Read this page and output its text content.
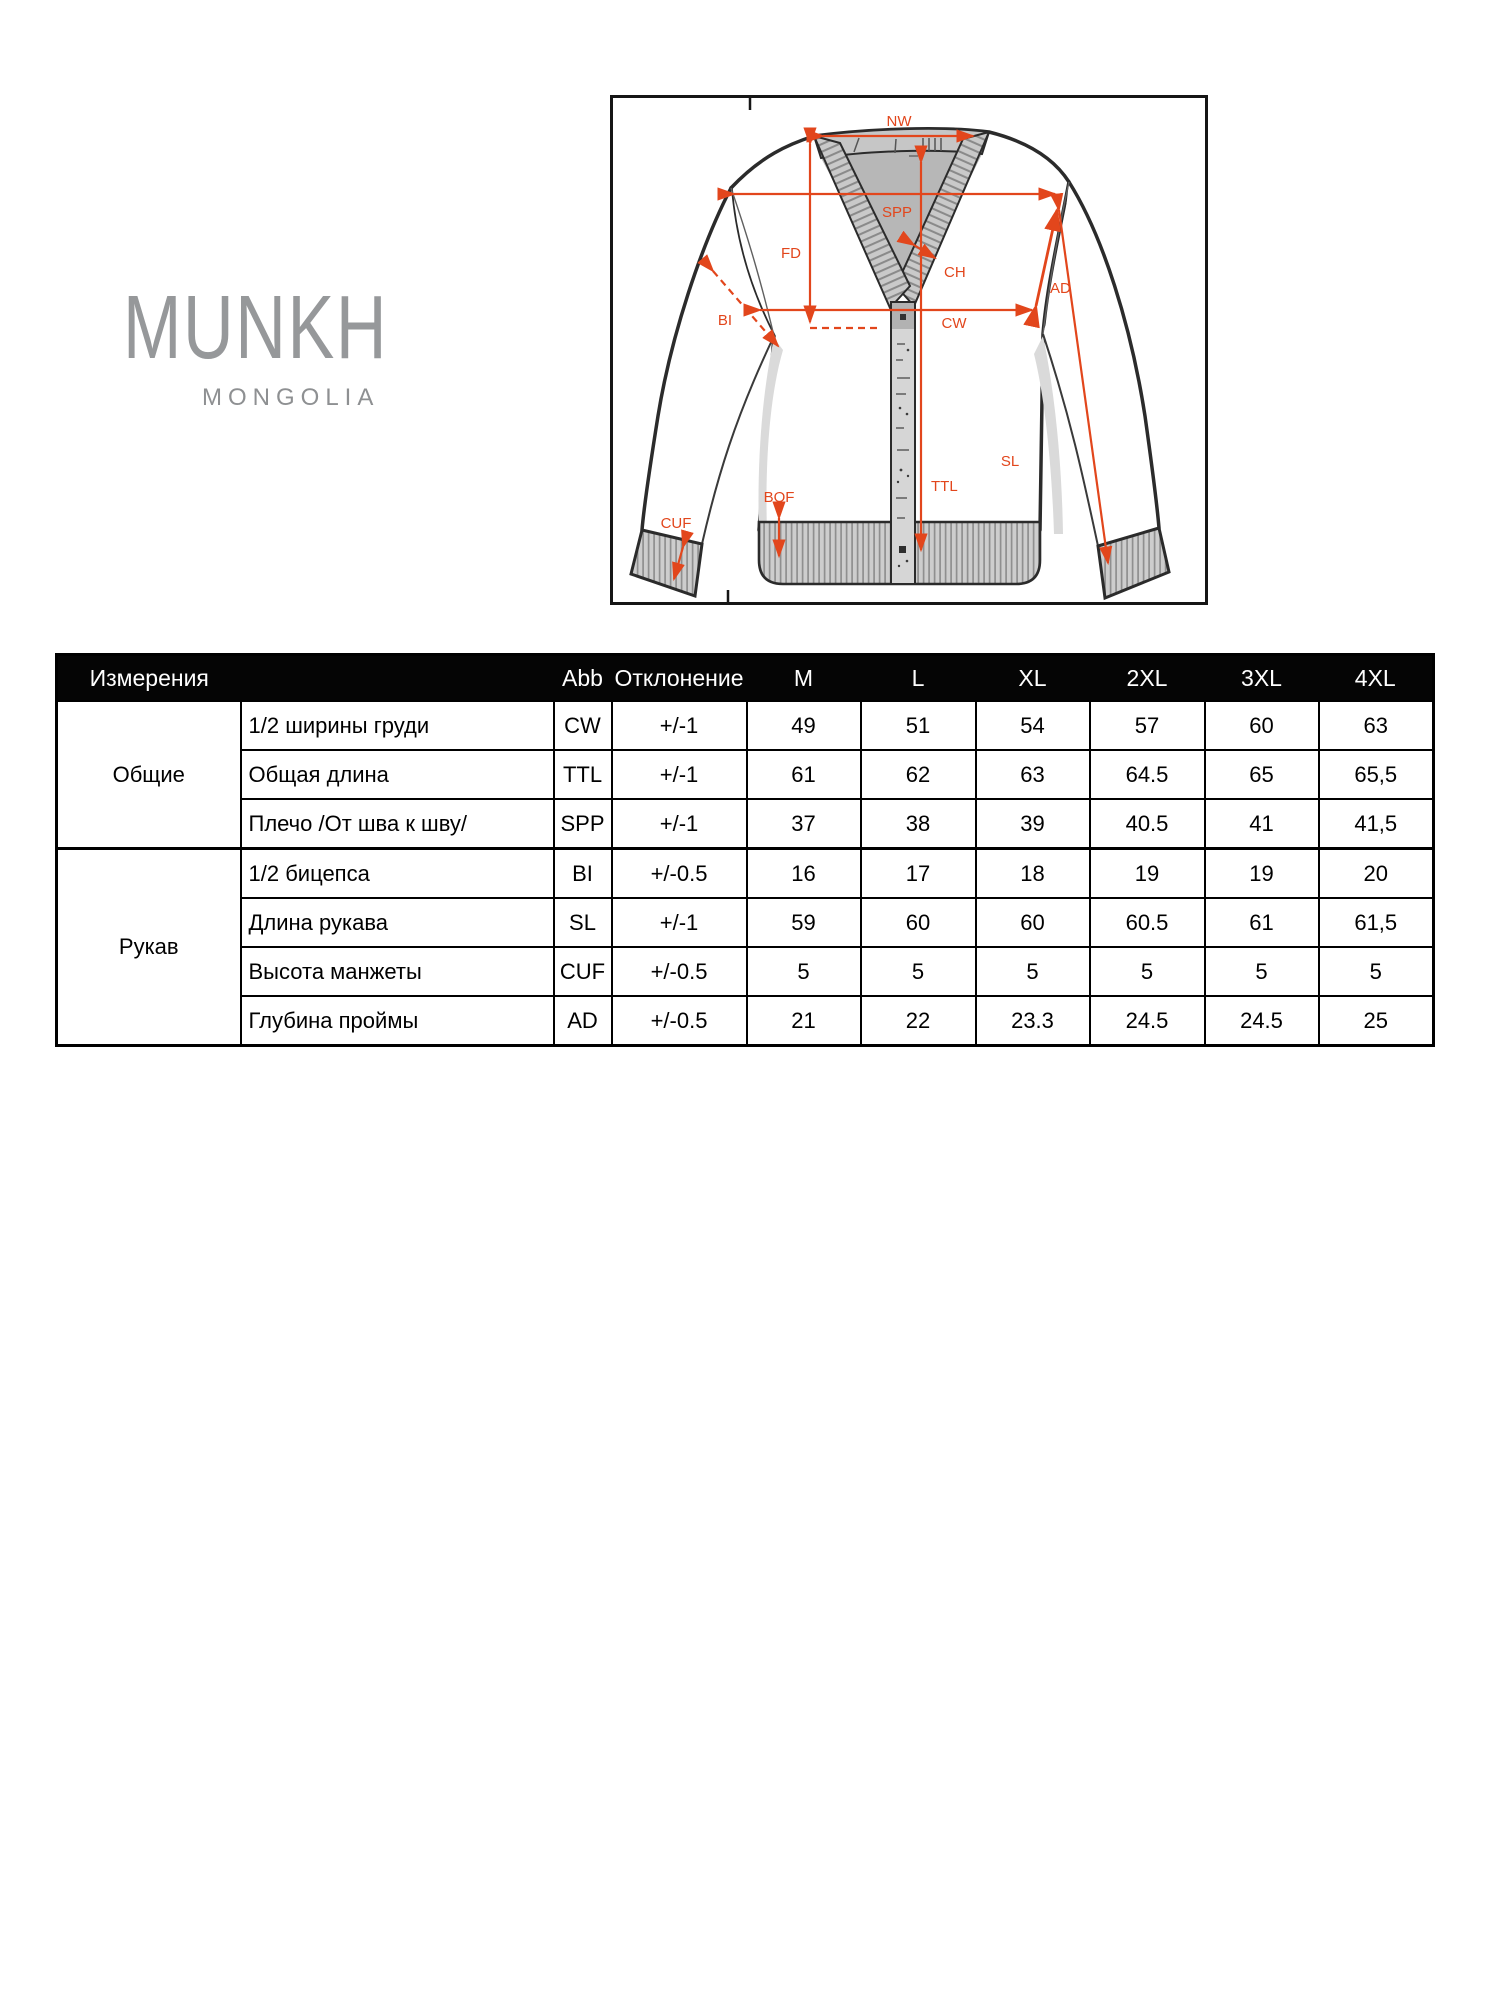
MUNKH
MONGOLIA
NW
SPP
FD
CH
CW
BI
AD
SL
TTL
BOF
CUF
Измерения		Abb	Отклонение	M	L	XL	2XL	3XL	4XL
Общие	1/2 ширины груди	CW	+/-1	49	51	54	57	60	63
	Общая длина	TTL	+/-1	61	62	63	64.5	65	65,5
	Плечо /От шва к шву/	SPP	+/-1	37	38	39	40.5	41	41,5
Рукав	1/2 бицепса	BI	+/-0.5	16	17	18	19	19	20
	Длина рукава	SL	+/-1	59	60	60	60.5	61	61,5
	Высота манжеты	CUF	+/-0.5	5	5	5	5	5	5
	Глубина проймы	AD	+/-0.5	21	22	23.3	24.5	24.5	25
